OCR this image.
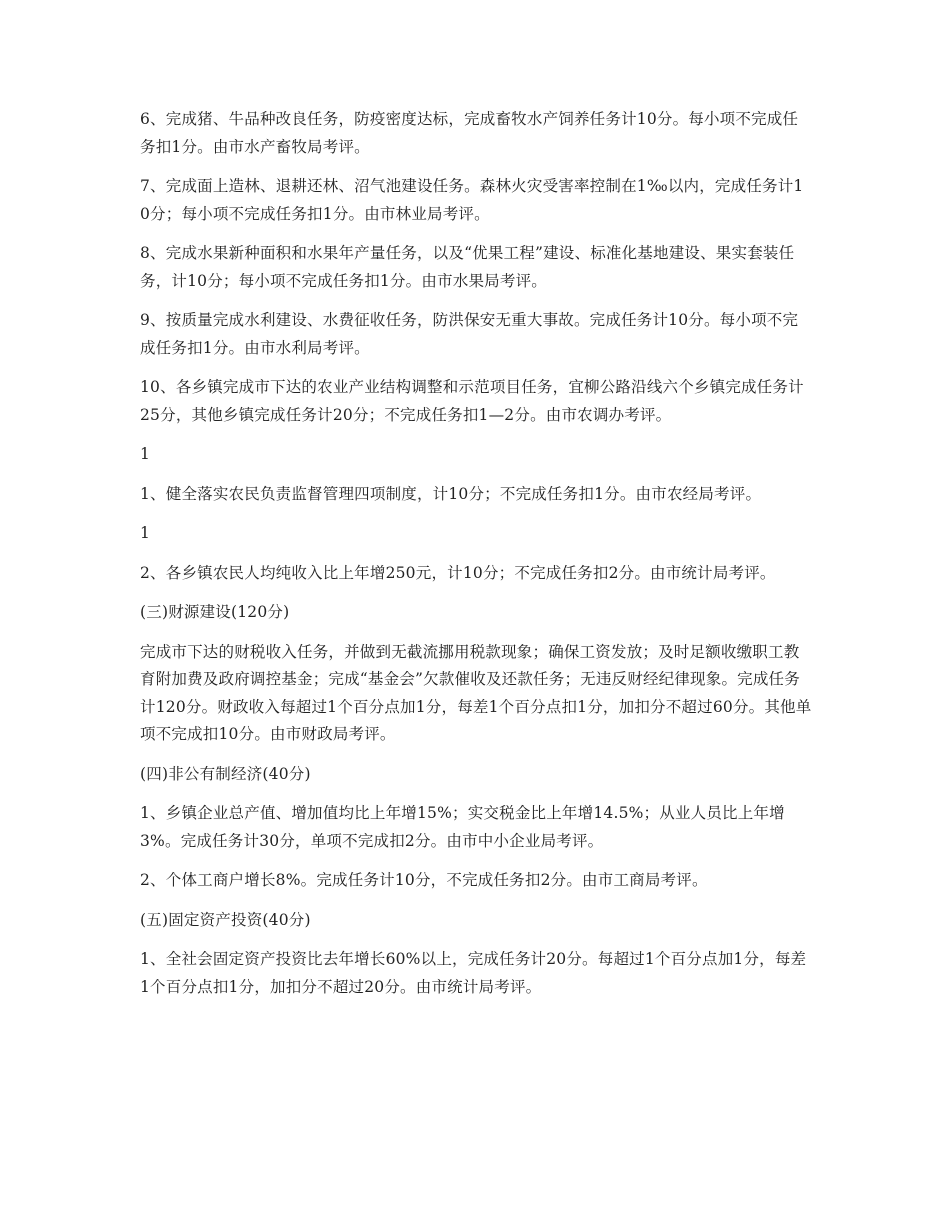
6、完成猪、牛品种改良任务，防疫密度达标，完成畜牧水产饲养任务计10分。每小项不完成任务扣1分。由市水产畜牧局考评。

7、完成面上造林、退耕还林、沼气池建设任务。森林火灾受害率控制在1‰以内，完成任务计10分；每小项不完成任务扣1分。由市林业局考评。

8、完成水果新种面积和水果年产量任务，以及“优果工程”建设、标准化基地建设、果实套装任务，计10分；每小项不完成任务扣1分。由市水果局考评。

9、按质量完成水利建设、水费征收任务，防洪保安无重大事故。完成任务计10分。每小项不完成任务扣1分。由市水利局考评。

10、各乡镇完成市下达的农业产业结构调整和示范项目任务，宜柳公路沿线六个乡镇完成任务计25分，其他乡镇完成任务计20分；不完成任务扣1—2分。由市农调办考评。

1

1、健全落实农民负责监督管理四项制度，计10分；不完成任务扣1分。由市农经局考评。

1

2、各乡镇农民人均纯收入比上年增250元，计10分；不完成任务扣2分。由市统计局考评。

(三)财源建设(120分)

完成市下达的财税收入任务，并做到无截流挪用税款现象；确保工资发放；及时足额收缴职工教育附加费及政府调控基金；完成“基金会”欠款催收及还款任务；无违反财经纪律现象。完成任务计120分。财政收入每超过1个百分点加1分，每差1个百分点扣1分，加扣分不超过60分。其他单项不完成扣10分。由市财政局考评。

(四)非公有制经济(40分)

1、乡镇企业总产值、增加值均比上年增15%；实交税金比上年增14.5%；从业人员比上年增3%。完成任务计30分，单项不完成扣2分。由市中小企业局考评。

2、个体工商户增长8%。完成任务计10分，不完成任务扣2分。由市工商局考评。

(五)固定资产投资(40分)

1、全社会固定资产投资比去年增长60%以上，完成任务计20分。每超过1个百分点加1分，每差1个百分点扣1分，加扣分不超过20分。由市统计局考评。
